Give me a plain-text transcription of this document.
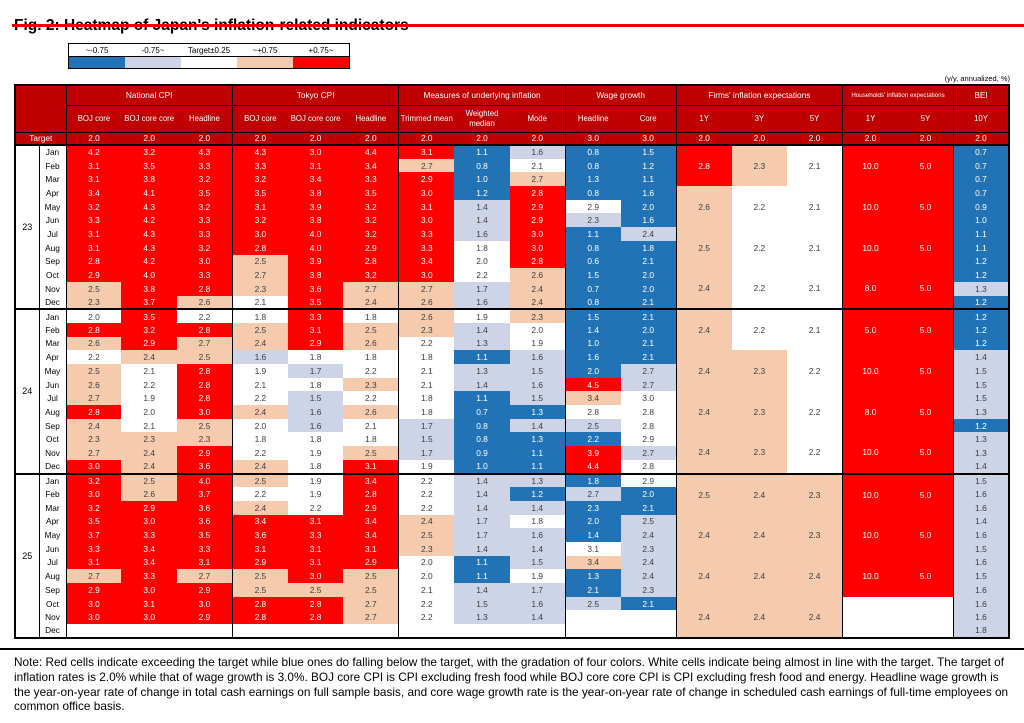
~-0.75	-0.75~	Target±0.25	~+0.75	+0.75~
(y/y, annualized, %)
		National CPI			Tokyo CPI			Measures of underlying inflation			Wage growth		Firms' inflation expectations			Households' inflation expectations		BEI
		BOJ core	BOJ core core	Headline	BOJ core	BOJ core core	Headline	Trimmed mean	Weighted median	Mode	Headline	Core	1Y	3Y	5Y	1Y	5Y	10Y
Target		2.0	2.0	2.0	2.0	2.0	2.0	2.0	2.0	2.0	3.0	3.0	2.0	2.0	2.0	2.0	2.0	2.0
23	Jan	4.2	3.2	4.3	4.3	3.0	4.4	3.1	1.1	1.6	0.8	1.5	2.8	2.3	2.1	10.0	5.0	0.7
	Feb	3.1	3.5	3.3	3.3	3.1	3.4	2.7	0.8	2.1	0.8	1.2						0.7
	Mar	3.1	3.8	3.2	3.2	3.4	3.3	2.9	1.0	2.7	1.3	1.1						0.7
	Apr	3.4	4.1	3.5	3.5	3.8	3.5	3.0	1.2	2.8	0.8	1.6	2.6	2.2	2.1	10.0	5.0	0.7
	May	3.2	4.3	3.2	3.1	3.9	3.2	3.1	1.4	2.9	2.9	2.0						0.9
	Jun	3.3	4.2	3.3	3.2	3.8	3.2	3.0	1.4	2.9	2.3	1.6						1.0
	Jul	3.1	4.3	3.3	3.0	4.0	3.2	3.3	1.6	3.0	1.1	2.4	2.5	2.2	2.1	10.0	5.0	1.1
	Aug	3.1	4.3	3.2	2.8	4.0	2.9	3.3	1.8	3.0	0.8	1.8						1.1
	Sep	2.8	4.2	3.0	2.5	3.9	2.8	3.4	2.0	2.8	0.6	2.1						1.2
	Oct	2.9	4.0	3.3	2.7	3.8	3.2	3.0	2.2	2.6	1.5	2.0	2.4	2.2	2.1	8.0	5.0	1.2
	Nov	2.5	3.8	2.8	2.3	3.6	2.7	2.7	1.7	2.4	0.7	2.0						1.3
	Dec	2.3	3.7	2.6	2.1	3.5	2.4	2.6	1.6	2.4	0.8	2.1						1.2
24	Jan	2.0	3.5	2.2	1.8	3.3	1.8	2.6	1.9	2.3	1.5	2.1	2.4	2.2	2.1	5.0	5.0	1.2
	Feb	2.8	3.2	2.8	2.5	3.1	2.5	2.3	1.4	2.0	1.4	2.0						1.2
	Mar	2.6	2.9	2.7	2.4	2.9	2.6	2.2	1.3	1.9	1.0	2.1						1.2
	Apr	2.2	2.4	2.5	1.6	1.8	1.8	1.8	1.1	1.6	1.6	2.1	2.4	2.3	2.2	10.0	5.0	1.4
	May	2.5	2.1	2.8	1.9	1.7	2.2	2.1	1.3	1.5	2.0	2.7						1.5
	Jun	2.6	2.2	2.8	2.1	1.8	2.3	2.1	1.4	1.6	4.5	2.7						1.5
	Jul	2.7	1.9	2.8	2.2	1.5	2.2	1.8	1.1	1.5	3.4	3.0	2.4	2.3	2.2	8.0	5.0	1.5
	Aug	2.8	2.0	3.0	2.4	1.6	2.6	1.8	0.7	1.3	2.8	2.8						1.3
	Sep	2.4	2.1	2.5	2.0	1.6	2.1	1.7	0.8	1.4	2.5	2.8						1.2
	Oct	2.3	2.3	2.3	1.8	1.8	1.8	1.5	0.8	1.3	2.2	2.9	2.4	2.3	2.2	10.0	5.0	1.3
	Nov	2.7	2.4	2.9	2.2	1.9	2.5	1.7	0.9	1.1	3.9	2.7						1.3
	Dec	3.0	2.4	3.6	2.4	1.8	3.1	1.9	1.0	1.1	4.4	2.8						1.4
25	Jan	3.2	2.5	4.0	2.5	1.9	3.4	2.2	1.4	1.3	1.8	2.9	2.5	2.4	2.3	10.0	5.0	1.5
	Feb	3.0	2.6	3.7	2.2	1.9	2.8	2.2	1.4	1.2	2.7	2.0						1.6
	Mar	3.2	2.9	3.6	2.4	2.2	2.9	2.2	1.4	1.4	2.3	2.1						1.6
	Apr	3.5	3.0	3.6	3.4	3.1	3.4	2.4	1.7	1.8	2.0	2.5	2.4	2.4	2.3	10.0	5.0	1.4
	May	3.7	3.3	3.5	3.6	3.3	3.4	2.5	1.7	1.6	1.4	2.4						1.6
	Jun	3.3	3.4	3.3	3.1	3.1	3.1	2.3	1.4	1.4	3.1	2.3						1.5
	Jul	3.1	3.4	3.1	2.9	3.1	2.9	2.0	1.1	1.5	3.4	2.4	2.4	2.4	2.4	10.0	5.0	1.6
	Aug	2.7	3.3	2.7	2.5	3.0	2.5	2.0	1.1	1.9	1.3	2.4						1.5
	Sep	2.9	3.0	2.9	2.5	2.5	2.5	2.1	1.4	1.7	2.1	2.3						1.6
	Oct	3.0	3.1	3.0	2.8	2.8	2.7	2.2	1.5	1.6	2.5	2.1	2.4	2.4	2.4			1.6
	Nov	3.0	3.0	2.9	2.8	2.8	2.7	2.2	1.3	1.4								1.6
	Dec																	1.8

Note: Red cells indicate exceeding the target while blue ones do falling below the target, with the gradation of four colors. White cells indicate being almost in line with the target. The target of inflation rates is 2.0% while that of wage growth is 3.0%. BOJ core CPI is CPI excluding fresh food while BOJ core core CPI is CPI excluding fresh food and energy. Headline wage growth is the year-on-year rate of change in total cash earnings on full sample basis, and core wage growth rate is the year-on-year rate of change in scheduled cash earnings of full-time employees on common office basis.
